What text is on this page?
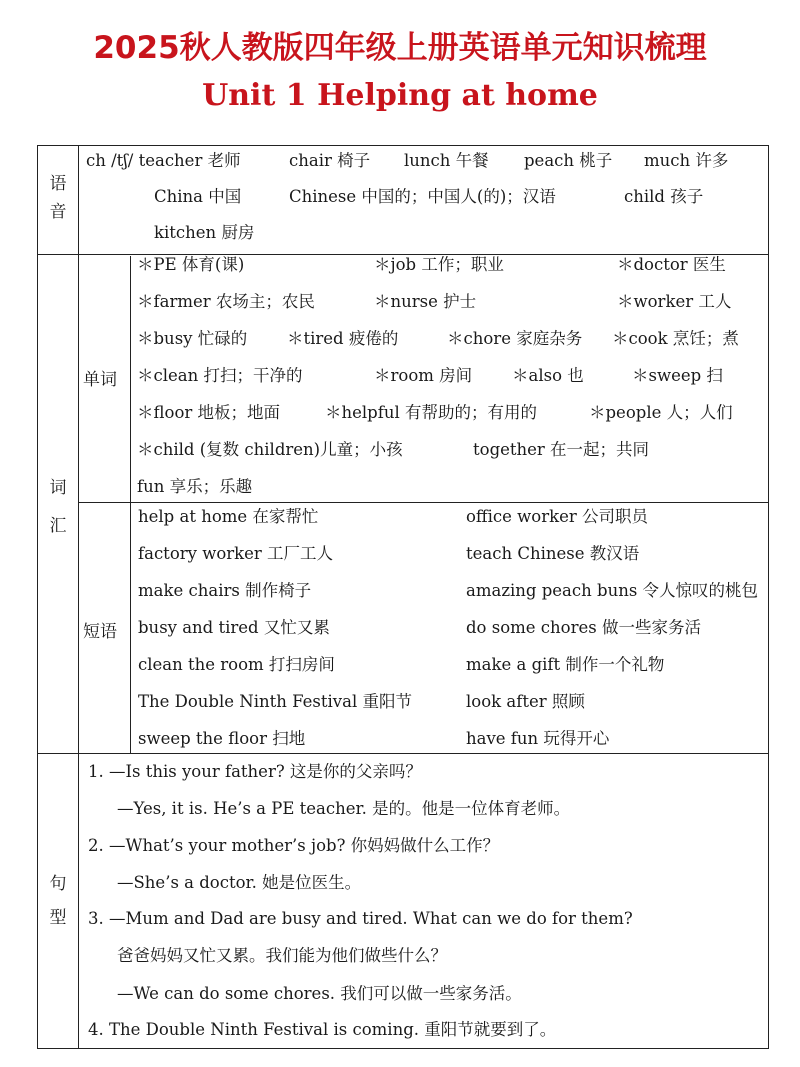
2025秋人教版四年级上册英语单元知识梳理
Unit 1 Helping at home
语
音
ch /tʃ/ teacher 老师	chair 椅子 lunch 午餐 peach 桃子 much 许多
China 中国	Chinese 中国的；中国人(的)；汉语	child 孩子
kitchen 厨房
词
汇
单词
＊PE 体育(课)	＊job 工作；职业	＊doctor 医生
＊farmer 农场主；农民	＊nurse 护士	＊worker 工人
＊busy 忙碌的 ＊tired 疲倦的	＊chore 家庭杂务 ＊cook 烹饪；煮
＊clean 打扫；干净的	＊room 房间 ＊also 也	＊sweep 扫
＊floor 地板；地面	＊helpful 有帮助的；有用的	＊people 人；人们
＊child (复数 children)儿童；小孩	together 在一起；共同
fun 享乐；乐趣
短语
help at home 在家帮忙	office worker 公司职员
factory worker 工厂工人	teach Chinese 教汉语
make chairs 制作椅子	amazing peach buns 令人惊叹的桃包
busy and tired 又忙又累	do some chores 做一些家务活
clean the room 打扫房间	make a gift 制作一个礼物
The Double Ninth Festival 重阳节	look after 照顾
sweep the floor 扫地	have fun 玩得开心
句
型
1. —Is this your father? 这是你的父亲吗？
—Yes, it is. He’s a PE teacher. 是的。他是一位体育老师。
2. —What’s your mother’s job? 你妈妈做什么工作？
—She’s a doctor. 她是位医生。
3. —Mum and Dad are busy and tired. What can we do for them?
爸爸妈妈又忙又累。我们能为他们做些什么？
—We can do some chores. 我们可以做一些家务活。
4. The Double Ninth Festival is coming. 重阳节就要到了。
